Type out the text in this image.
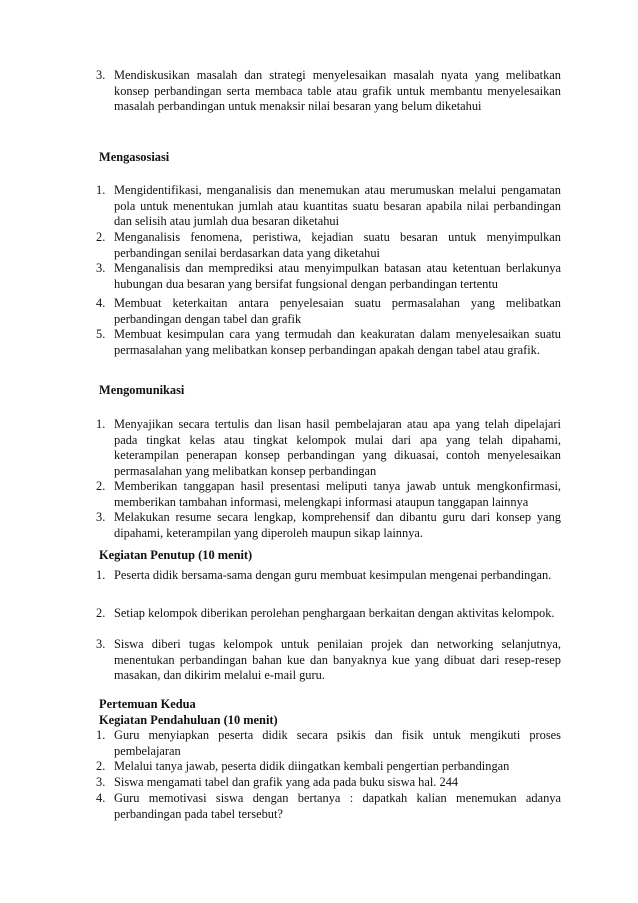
3. Mendiskusikan masalah dan strategi menyelesaikan masalah nyata yang melibatkan konsep perbandingan serta membaca table atau grafik untuk membantu menyelesaikan masalah perbandingan untuk menaksir nilai besaran yang belum diketahui
Mengasosiasi
1. Mengidentifikasi, menganalisis dan menemukan atau merumuskan melalui pengamatan pola untuk menentukan jumlah atau kuantitas suatu besaran apabila nilai perbandingan dan selisih atau jumlah dua besaran diketahui
2. Menganalisis fenomena, peristiwa, kejadian suatu besaran untuk menyimpulkan perbandingan senilai berdasarkan data yang diketahui
3. Menganalisis dan memprediksi atau menyimpulkan batasan atau ketentuan berlakunya hubungan dua besaran yang bersifat fungsional dengan perbandingan tertentu
4. Membuat keterkaitan antara penyelesaian suatu permasalahan yang melibatkan perbandingan dengan tabel dan grafik
5. Membuat kesimpulan cara yang termudah dan keakuratan dalam menyelesaikan suatu permasalahan yang melibatkan konsep perbandingan apakah dengan tabel atau grafik.
Mengomunikasi
1. Menyajikan secara tertulis dan lisan hasil pembelajaran atau apa yang telah dipelajari pada tingkat kelas atau tingkat kelompok mulai dari apa yang telah dipahami, keterampilan penerapan konsep perbandingan yang dikuasai, contoh menyelesaikan permasalahan yang melibatkan konsep perbandingan
2. Memberikan tanggapan hasil presentasi meliputi tanya jawab untuk mengkonfirmasi, memberikan tambahan informasi, melengkapi informasi ataupun tanggapan lainnya
3. Melakukan resume secara lengkap, komprehensif dan dibantu guru dari konsep yang dipahami, keterampilan yang diperoleh maupun sikap lainnya.
Kegiatan Penutup (10 menit)
1. Peserta didik bersama-sama dengan guru membuat kesimpulan mengenai perbandingan.
2. Setiap kelompok diberikan perolehan penghargaan berkaitan dengan aktivitas kelompok.
3. Siswa diberi tugas kelompok untuk penilaian projek dan networking selanjutnya, menentukan perbandingan bahan kue dan banyaknya kue yang dibuat dari resep-resep masakan, dan dikirim melalui e-mail guru.
Pertemuan Kedua
Kegiatan Pendahuluan (10 menit)
1. Guru menyiapkan peserta didik secara psikis dan fisik untuk mengikuti proses pembelajaran
2. Melalui tanya jawab, peserta didik diingatkan kembali pengertian perbandingan
3. Siswa mengamati tabel dan grafik yang ada pada buku siswa hal. 244
4. Guru memotivasi siswa dengan bertanya : dapatkah kalian menemukan adanya perbandingan pada tabel tersebut?
